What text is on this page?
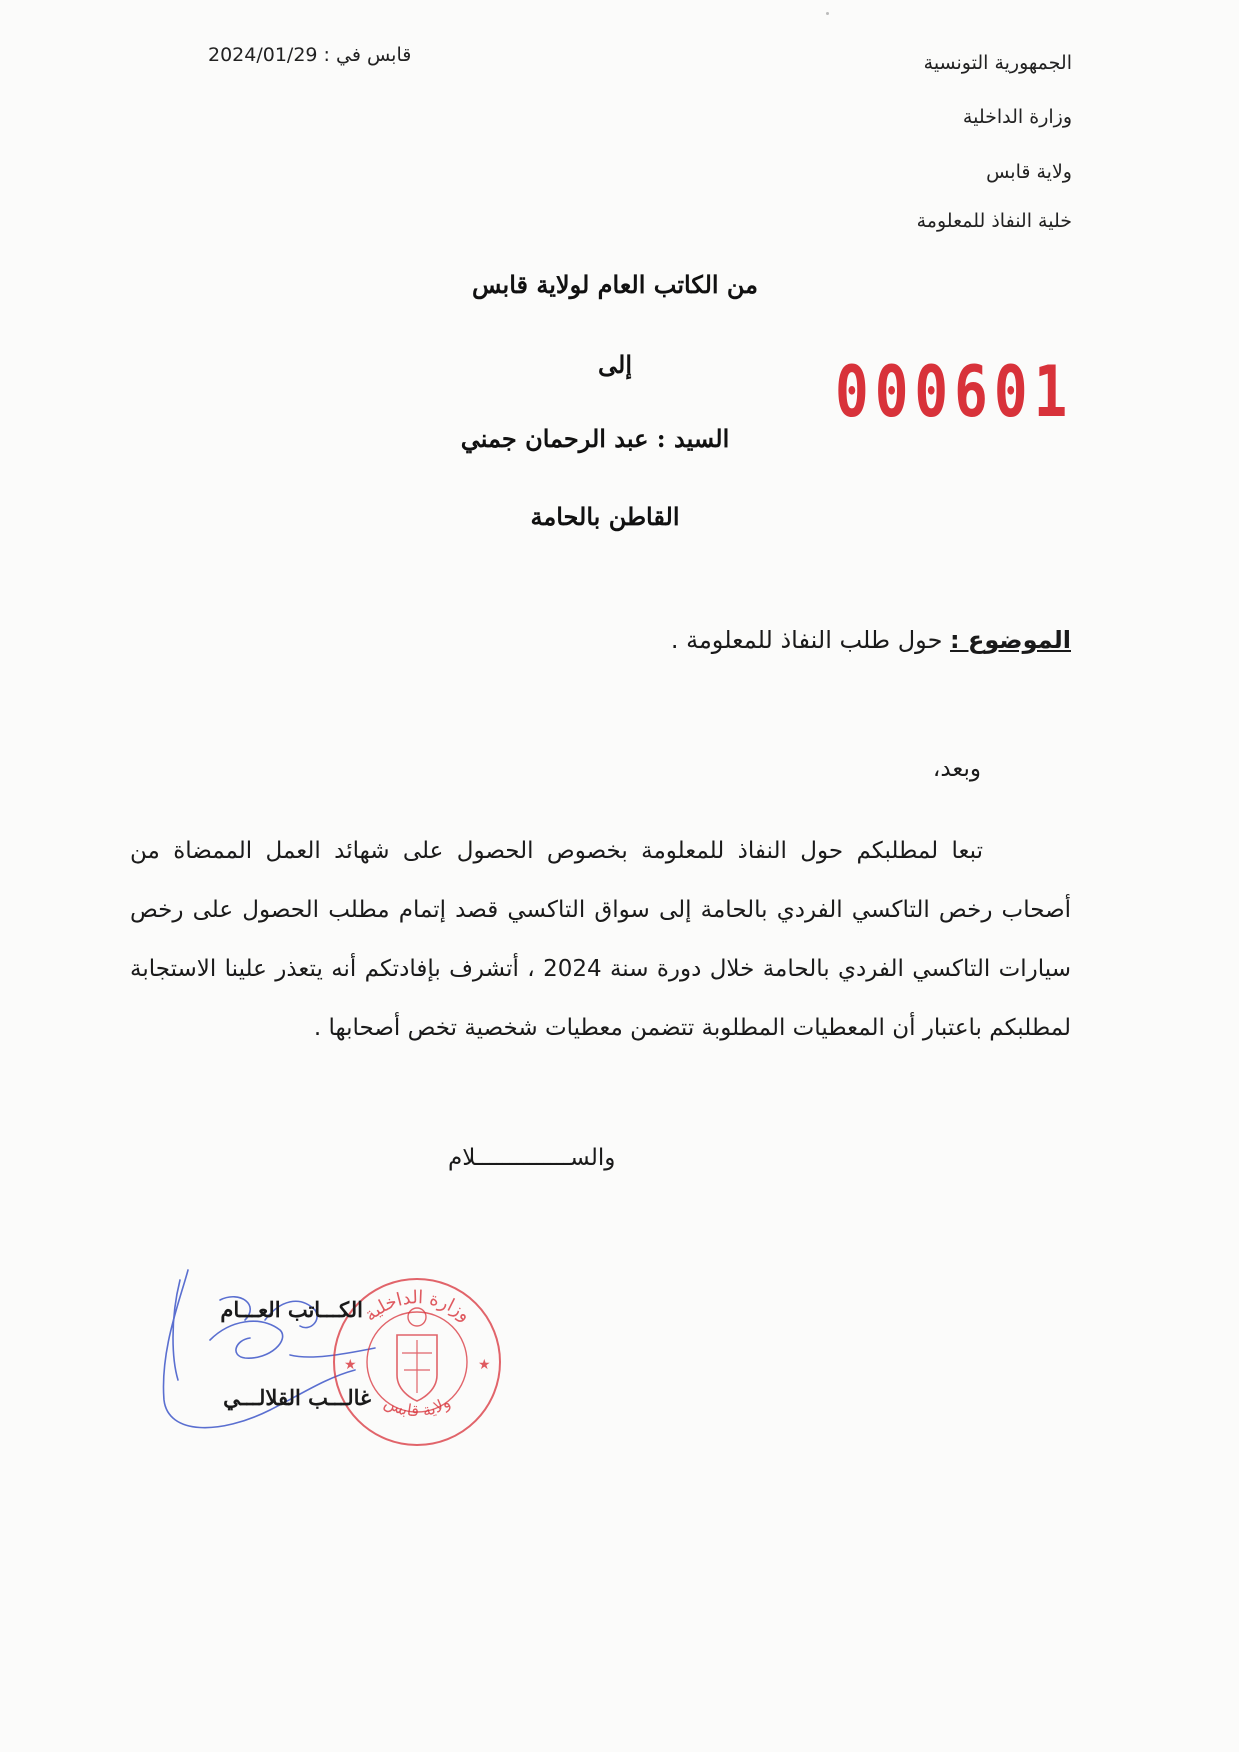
الجمهورية التونسية
وزارة الداخلية
ولاية قابس
خلية النفاذ للمعلومة
قابس في : 2024/01/29
من الكاتب العام لولاية قابس
إلى
السيد : عبد الرحمان جمني
القاطن بالحامة
000601
الموضوع : حول طلب النفاذ للمعلومة .
وبعد،

تبعا لمطلبكم حول النفاذ للمعلومة بخصوص الحصول على شهائد العمل الممضاة من أصحاب رخص التاكسي الفردي بالحامة إلى سواق التاكسي قصد إتمام مطلب الحصول على رخص سيارات التاكسي الفردي بالحامة خلال دورة سنة 2024 ، أتشرف بإفادتكم أنه يتعذر علينا الاستجابة لمطلبكم باعتبار أن المعطيات المطلوبة تتضمن معطيات شخصية تخص أصحابها .

والســــــــــــــلام
وزارة الداخلية
ولاية قابس
★	★
الكـــاتب العـــام
غالـــب القلالـــي
